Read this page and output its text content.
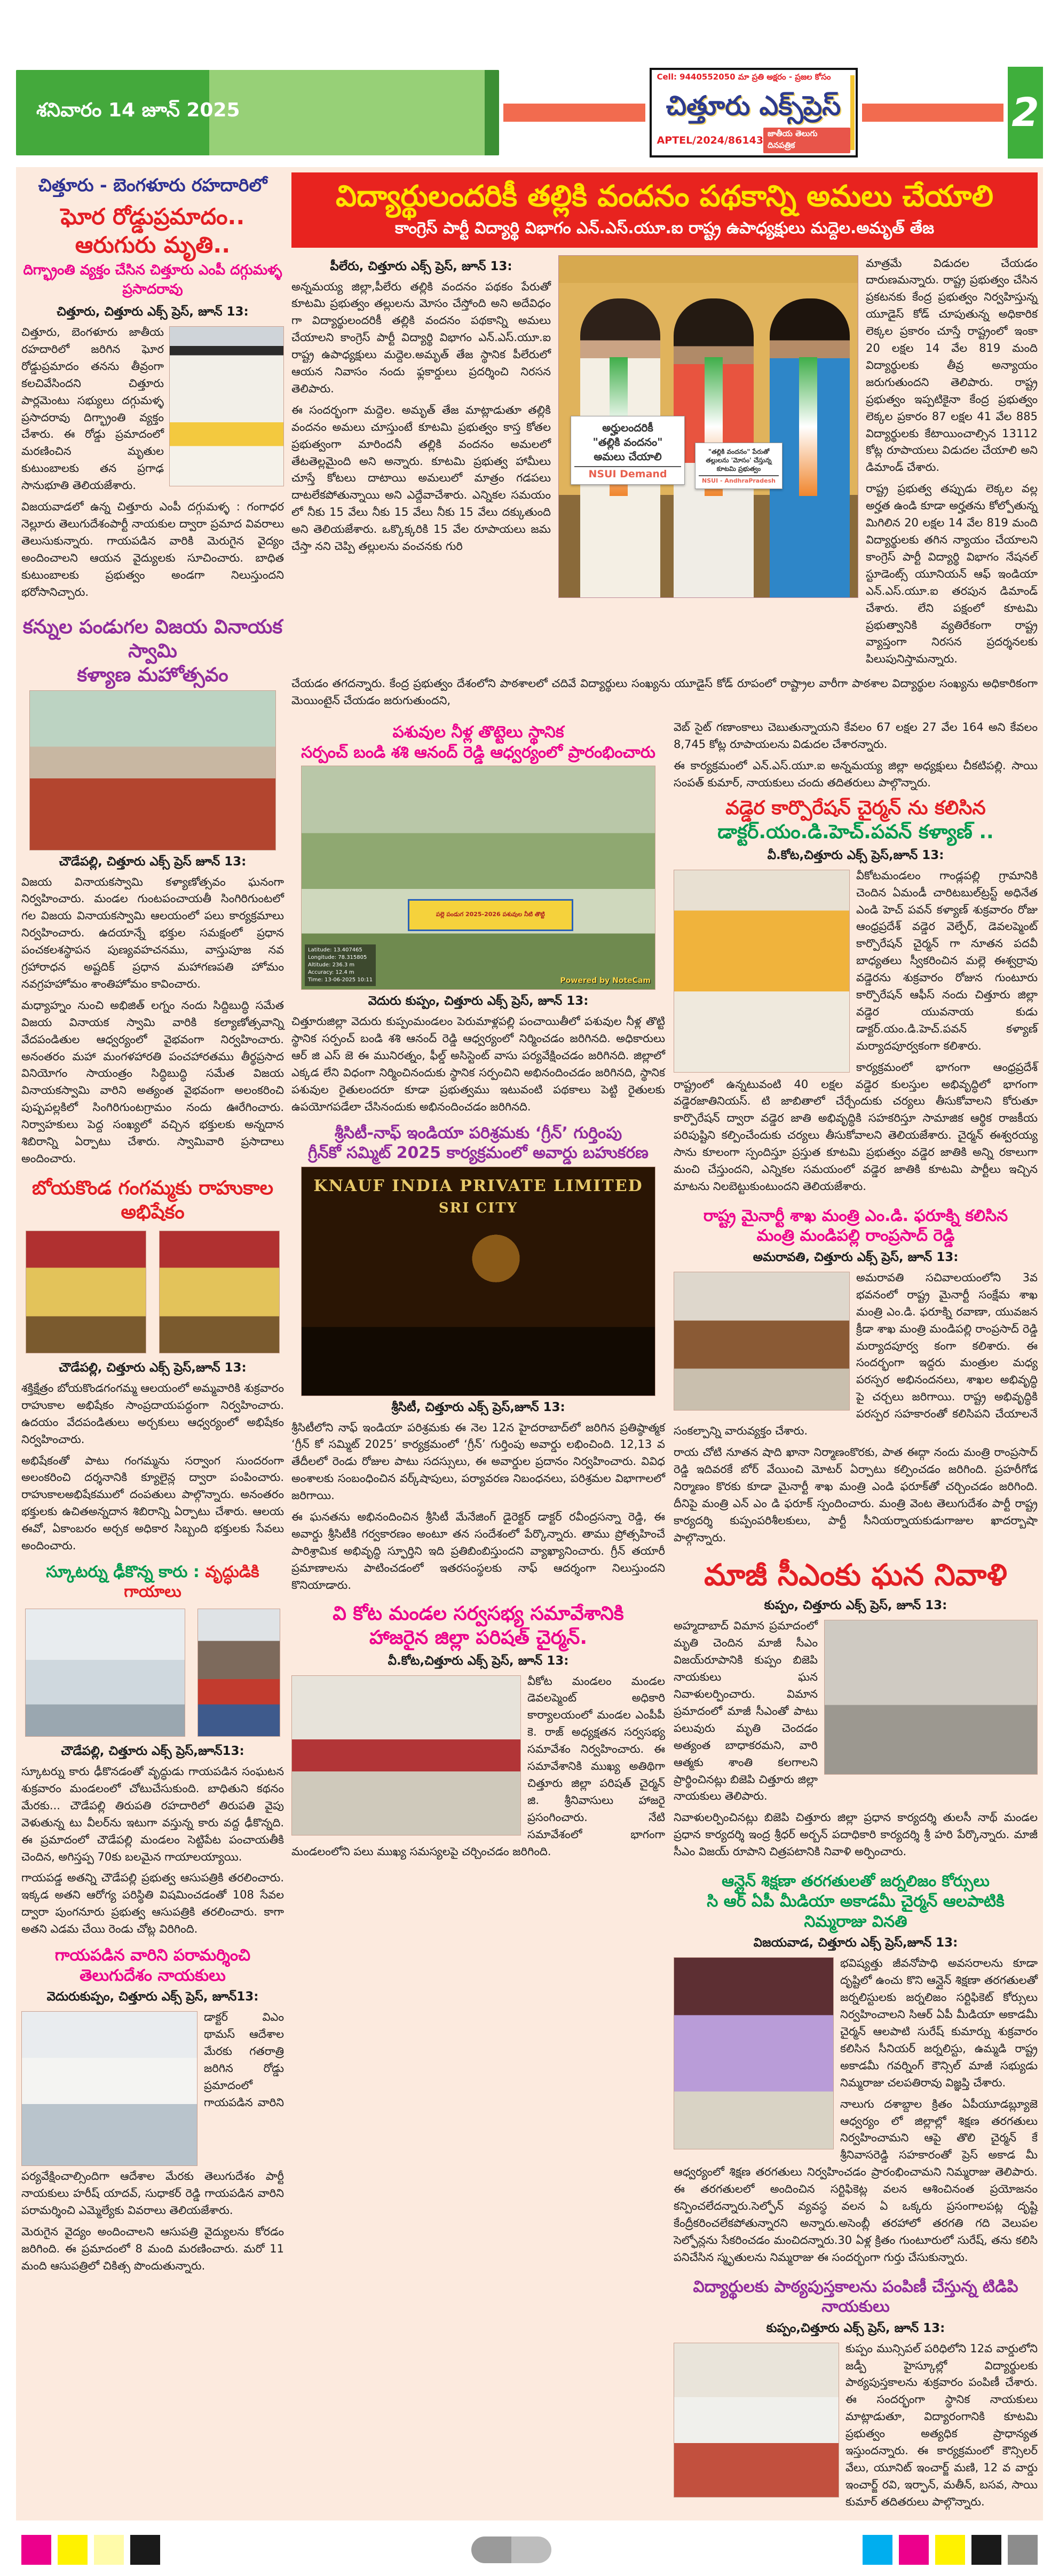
శనివారం 14 జూన్ 2025
Cell: 9440552050 మా ప్రతి అక్షరం - ప్రజల కోసం
చిత్తూరు ఎక్స్‌ప్రెస్
APTEL/2024/86143
జాతీయ తెలుగు దినపత్రిక
2
చిత్తూరు - బెంగళూరు రహదారిలో
ఘోర రోడ్డుప్రమాదం.. ఆరుగురు మృతి..
దిగ్భ్రాంతి వ్యక్తం చేసిన చిత్తూరు ఎంపీ దగ్గుమళ్ళ ప్రసాదరావు
చిత్తూరు, చిత్తూరు ఎక్స్ ప్రెస్, జూన్ 13:

చిత్తూరు, బెంగళూరు జాతీయ రహదారిలో జరిగిన ఘోర రోడ్డుప్రమాదం తనను తీవ్రంగా కలచివేసిందని చిత్తూరు పార్లమెంటు సభ్యులు దగ్గుమళ్ళ ప్రసాదరావు దిగ్భ్రాంతి వ్యక్తం చేశారు. ఈ రోడ్డు ప్రమాదంలో మరణించిన మృతుల కుటుంబాలకు తన ప్రగాఢ సానుభూతి తెలియజేశారు.

విజయవాడలో ఉన్న చిత్తూరు ఎంపీ దగ్గుమళ్ళ : గంగాధర నెల్లూరు తెలుగుదేశంపార్టీ నాయకుల ద్వారా ప్రమాద వివరాలు తెలుసుకున్నారు. గాయపడిన వారికి మెరుగైన వైద్యం అందించాలని ఆయన వైద్యులకు సూచించారు. బాధిత కుటుంబాలకు ప్రభుత్వం అండగా నిలుస్తుందని భరోసానిచ్చారు.

కన్నుల పండుగల విజయ వినాయక స్వామి
కళ్యాణ మహోత్సవం
చౌడేపల్లి, చిత్తూరు ఎక్స్ ప్రెస్ జూన్ 13:

విజయ వినాయకస్వామి కళ్యాణోత్సవం ఘనంగా నిర్వహించారు. మండల గుంటపంచాయతీ సింగిరిగుంటలో గల విజయ వినాయకస్వామి ఆలయంలో పలు కార్యక్రమాలు నిర్వహించారు. ఉదయాన్నే భక్తుల సమక్షంలో ప్రధాన పంచకలశస్థాపన పుణ్యవహచనము, వాస్తుపూజ నవ గ్రహారాధన అష్టదిక్ ప్రధాన మహాగణపతి హోమం నవగ్రహహోమం శాంతిహోమం కావించారు.

మధ్యాహ్నం నుంచి అభిజిత్ లగ్నం నందు సిద్దిబుద్ధి సమేత విజయ వినాయక స్వామి వారికి కల్యాణోత్సవాన్ని వేదపండితుల ఆధ్వర్యంలో వైభవంగా నిర్వహించారు. అనంతరం మహా మంగళహారతి పంచహారతము తీర్థప్రసాద వినియోగం సాయంత్రం సిద్ధిబుద్ధి సమేత విజయ వినాయకస్వామి వారిని అత్యంత వైభవంగా అలంకరించి పుష్పపల్లకిలో సింగిరిగుంటగ్రామం నందు ఊరేగించారు. నిర్వాహకులు పెద్ద సంఖ్యలో వచ్చిన భక్తులకు అన్నదాన శిబిరాన్ని ఏర్పాటు చేశారు. స్వామివారి ప్రసాదాలు అందించారు.

బోయకొండ గంగమ్మకు రాహుకాల అభిషేకం
చౌడేపల్లి, చిత్తూరు ఎక్స్ ప్రెస్,జూన్ 13:

శక్తిక్షేత్రం బోయకొండగంగమ్మ ఆలయంలో అమ్మవారికి శుక్రవారం రాహుకాల అభిషేకం సాంప్రదాయపద్ధంగా నిర్వహించారు. ఉదయం వేదపండితులు అర్చకులు ఆధ్వర్యంలో అభిషేకం నిర్వహించారు.

అభిషేకంతో పాటు గంగమ్మను సర్వాంగ సుందరంగా అలంకరించి దర్శనానికి క్యూలైన్ల ద్వారా పంపించారు. రాహుకాలఅభిషేకములో దంపతులు పాల్గొన్నారు. అనంతరం భక్తులకు ఉచితఅన్నదాన శిబిరాన్ని ఏర్పాటు చేశారు. ఆలయ ఈవో, ఏకాంబరం అర్చక అధికార సిబ్బంది భక్తులకు సేవలు అందించారు.

స్కూటర్ను ఢీకొన్న కారు : వృద్ధుడికి గాయాలు
చౌడేపల్లి, చిత్తూరు ఎక్స్ ప్రెస్,జూన్13:

స్కూటర్ను కారు ఢీకొనడంతో వృద్ధుడు గాయపడిన సంఘటన శుక్రవారం మండలంలో చోటుచేసుకుంది. బాధితుని కథనం మేరకు... చౌడేపల్లి తిరుపతి రహదారిలో తిరుపతి వైపు వెళుతున్న టు వీలర్‌ను ఇటుగా వస్తున్న కారు వద్ద ఢీకొన్నది. ఈ ప్రమాదంలో చౌడేపల్లి మండలం సెట్టిపేట పంచాయతీకి చెందిన, అగిస్తప్ప 70కు బలమైన గాయాలయ్యాయి.

గాయపడ్డ అతన్ని చౌడేపల్లి ప్రభుత్వ ఆసుపత్రికి తరలించారు. ఇక్కడ అతని ఆరోగ్య పరిస్థితి విషమించడంతో 108 సేవల ద్వారా పుంగనూరు ప్రభుత్వ ఆసుపత్రికి తరలించారు. కాగా అతని ఎడమ చేయి రెండు చోట్ల విరిగింది.

గాయపడిన వారిని పరామర్శించి తెలుగుదేశం నాయకులు
వెదురుకుప్పం, చిత్తూరు ఎక్స్ ప్రెస్, జూన్13:

డాక్టర్ విఎం థామస్ ఆదేశాల మేరకు గతరాత్రి జరిగిన రోడ్డు ప్రమాదంలో గాయపడిన వారిని పర్యవేక్షించాల్సిందిగా ఆదేశాల మేరకు తెలుగుదేశం పార్టీ నాయకులు హరీష్ యాదవ్, సుధాకర్ రెడ్డి గాయపడిన వారిని పరామర్శించి ఎమ్మెల్యేకు వివరాలు తెలియజేశారు.

మెరుగైన వైద్యం అందించాలని ఆసుపత్రి వైద్యులను కోరడం జరిగింది. ఈ ప్రమాదంలో 8 మంది మరణించారు. మరో 11 మంది ఆసుపత్రిలో చికిత్స పొందుతున్నారు.

విద్యార్థులందరికీ తల్లికి వందనం పథకాన్ని అమలు చేయాలి
కాంగ్రెస్ పార్టీ విద్యార్థి విభాగం ఎన్.ఎస్.యూ.ఐ రాష్ట్ర ఉపాధ్యక్షులు మద్దెల.అమృత్ తేజ
పీలేరు, చిత్తూరు ఎక్స్ ప్రెస్, జూన్ 13:

అన్నమయ్య జిల్లా,పీలేరు తల్లికి వందనం పథకం పేరుతో కూటమి ప్రభుత్వం తల్లులను మోసం చేస్తోంది అని అదేవిధం గా విద్యార్థులందరికీ తల్లికి వందనం పథకాన్ని అమలు చేయాలని కాంగ్రెస్ పార్టీ విద్యార్థి విభాగం ఎన్.ఎస్.యూ.ఐ రాష్ట్ర ఉపాధ్యక్షులు మద్దెల.అమృత్ తేజ స్థానిక పీలేరులో ఆయన నివాసం నందు ఫ్లకార్డులు ప్రదర్శించి నిరసన తెలిపారు.

ఈ సందర్భంగా మద్దెల. అమృత్ తేజ మాట్లాడుతూ తల్లికి వందనం అమలు చూస్తుంటే కూటమి ప్రభుత్వం కాస్త కోతల ప్రభుత్వంగా మారిందనీ తల్లికి వందనం అమలలో తేటతెల్లమైంది అని అన్నారు. కూటమి ప్రభుత్వ హామీలు చూస్తే కోటలు దాటాయి అమలులో మాత్రం గడపలు దాటలేకపోతున్నాయి అని ఎద్దేవాచేశారు. ఎన్నికల సమయం లో నీకు 15 వేలు నీకు 15 వేలు నీకు 15 వేలు దక్కుతుంది అని తెలియజేశారు. ఒక్కొక్కరికి 15 వేల రూపాయలు జమ చేస్తా నని చెప్పి తల్లులను వంచనకు గురి

అర్హులందరికీ
"తల్లికి వందనం"
అమలు చేయాలి
NSUI Demand
"తల్లికి వందనం" పేరుతో
తల్లులను 'మోసం' చేస్తున్న
కూటమి ప్రభుత్వం
NSUI - AndhraPradesh

మాత్రమే విడుదల చేయడం దారుణమన్నారు. రాష్ట్ర ప్రభుత్వం చేసిన ప్రకటనకు కేంద్ర ప్రభుత్వం నిర్వహిస్తున్న యూడైస్ కోడ్ చూపుతున్న అధికారిక లెక్కల ప్రకారం చూస్తే రాష్ట్రంలో ఇంకా 20 లక్షల 14 వేల 819 మంది విద్యార్థులకు తీవ్ర అన్యాయం జరుగుతుందని తెలిపారు. రాష్ట్ర ప్రభుత్వం ఇప్పటికైనా కేంద్ర ప్రభుత్వం లెక్కల ప్రకారం 87 లక్షల 41 వేల 885 విద్యార్థులకు కేటాయించాల్సిన 13112 కోట్ల రూపాయలు విడుదల చేయాలి అని డిమాండ్ చేశారు.

రాష్ట్ర ప్రభుత్వ తప్పుడు లెక్కల వల్ల అర్హత ఉండి కూడా అర్హతను కోల్పోతున్న మిగిలిన 20 లక్షల 14 వేల 819 మంది విద్యార్థులకు తగిన న్యాయం చేయాలని కాంగ్రెస్ పార్టీ విద్యార్థి విభాగం నేషనల్ స్టూడెంట్స్ యూనియన్ ఆఫ్ ఇండియా ఎన్.ఎస్.యూ.ఐ తరపున డిమాండ్ చేశారు. లేని పక్షంలో కూటమి ప్రభుత్వానికి వ్యతిరేకంగా రాష్ట్ర వ్యాప్తంగా నిరసన ప్రదర్శనలకు పిలుపునిస్తామన్నారు.

చేయడం తగదన్నారు. కేంద్ర ప్రభుత్వం దేశంలోని పాఠశాలలో చదివే విద్యార్థులు సంఖ్యను యూడైస్ కోడ్ రూపంలో రాష్ట్రాల వారీగా పాఠశాల విద్యార్థుల సంఖ్యను అధికారికంగా మెయింటైన్ చేయడం జరుగుతుందని,

పశువుల నీళ్ల తొట్టెలు స్థానిక
సర్పంచ్ బండి శశి ఆనంద్ రెడ్డి ఆధ్వర్యంలో ప్రారంభించారు
పల్లె పండుగ 2025-2026 పశువుల నీటి తొట్టి
Latitude: 13.407465
Longitude: 78.315805
Altitude: 236.3 m
Accuracy: 12.4 m
Time: 13-06-2025 10:11	Powered by NoteCam
వెదురు కుప్పం, చిత్తూరు ఎక్స్ ప్రెస్, జూన్ 13:

చిత్తూరుజిల్లా వెదురు కుప్పంమండలం పెరుమాళ్లపల్లి పంచాయితీలో పశువుల నీళ్ల తొట్టి స్థానిక సర్పంచ్ బండి శశి ఆనంద్ రెడ్డి ఆధ్వర్యంలో నిర్మించడం జరిగినది. అధికారులు ఆర్ జి ఎస్ జె ఈ మునిరత్నం, ఫీల్డ్ అసిస్టెంట్ వాసు పర్యవేక్షించడం జరిగినది. జిల్లాలో ఎక్కడ లేని విధంగా నిర్మించినందుకు స్థానిక సర్పంచిని అభినందించడం జరిగినది, స్థానిక పశువుల రైతులందరూ కూడా ప్రభుత్వము ఇటువంటి పథకాలు పెట్టి రైతులకు ఉపయోగపడేలా చేసినందుకు అభినందించడం జరిగినది.

శ్రీసిటీ-నాఫ్ ఇండియా పరిశ్రమకు ‘గ్రీన్’ గుర్తింపు
గ్రీన్‌కో సమ్మిట్ 2025 కార్యక్రమంలో అవార్డు బహుకరణ
KNAUF INDIA PRIVATE LIMITED
SRI CITY
శ్రీసిటీ, చిత్తూరు ఎక్స్ ప్రెస్,జూన్ 13:

శ్రీసిటీలోని నాఫ్ ఇండియా పరిశ్రమకు ఈ నెల 12న హైదరాబాద్‌లో జరిగిన ప్రతిష్ఠాత్మక ‘గ్రీన్ కో సమ్మిట్ 2025’ కార్యక్రమంలో ‘గ్రీన్’ గుర్తింపు అవార్డు లభించింది. 12,13 వ తేదీలలో రెండు రోజుల పాటు సదస్సులు, ఈ అవార్డుల ప్రదానం నిర్వహించారు. వివిధ అంశాలకు సంబంధించిన వర్క్‌షాపులు, పర్యావరణ నిబంధనలు, పరిశ్రమల విభాగాలలో జరిగాయి.

ఈ ఘనతను అభినందించిన శ్రీసిటీ మేనేజింగ్ డైరెక్టర్ డాక్టర్ రవీంద్రసన్నా రెడ్డి, ఈ అవార్డు శ్రీసిటీకి గర్వకారణం అంటూ తన సందేశంలో పేర్కొన్నారు. తాము ప్రోత్సహించే పారిశ్రామిక అభివృద్ధి స్ఫూర్తిని ఇది ప్రతిబింబిస్తుందని వ్యాఖ్యానించారు. గ్రీన్ తయారీ ప్రమాణాలను పాటించడంలో ఇతరసంస్థలకు నాఫ్ ఆదర్శంగా నిలుస్తుందని కొనియాడారు.

వి కోట మండల సర్వసభ్య సమావేశానికి
హాజరైన జిల్లా పరిషత్ చైర్మన్.
వీ.కోట,చిత్తూరు ఎక్స్ ప్రెస్, జూన్ 13:

వీకోట మండలం మండల డెవలప్మెంట్ అధికారి కార్యాలయంలో మండల ఎంపీపీ కె. రాజ్ అధ్యక్షతన సర్వసభ్య సమావేశం నిర్వహించారు. ఈ సమావేశానికి ముఖ్య అతిథిగా చిత్తూరు జిల్లా పరిషత్ చైర్మన్ జి. శ్రీనివాసులు హాజరై ప్రసంగించారు. నేటి సమావేశంలో భాగంగా మండలంలోని పలు ముఖ్య సమస్యలపై చర్చించడం జరిగింది.

వెబ్ సైట్ గణాంకాలు చెబుతున్నాయని కేవలం 67 లక్షల 27 వేల 164 అని కేవలం 8,745 కోట్ల రూపాయలను విడుదల చేశారన్నారు.

ఈ కార్యక్రమంలో ఎన్.ఎస్.యూ.ఐ అన్నమయ్య జిల్లా అధ్యక్షులు చీకటిపల్లి. సాయి సంపత్ కుమార్, నాయకులు చందు తదితరులు పాల్గొన్నారు.

వడ్డెర కార్పొరేషన్ చైర్మన్ ను కలిసిన
డాక్టర్.యం.డి.హెచ్.పవన్ కళ్యాణ్ ..
వీ.కోట,చిత్తూరు ఎక్స్ ప్రెస్,జూన్ 13:

వీకోటమండలం గాండ్లపల్లి గ్రామానికి చెందిన ఏమండీ చారిటబుల్‌ట్రస్ట్ అధినేత ఎండి హెచ్ పవన్ కళ్యాణ్ శుక్రవారం రోజు ఆంధ్రప్రదేశ్ వడ్డెర వెల్ఫేర్, డెవలప్మెంట్ కార్పొరేషన్ చైర్మన్ గా నూతన పదవీ బాధ్యతలు స్వీకరించిన మల్లె ఈశ్వర్రావు వడ్డెరను శుక్రవారం రోజున గుంటూరు కార్పొరేషన్ ఆఫీస్ నందు చిత్తూరు జిల్లా వడ్డెర యువనాయ కుడు డాక్టర్.యం.డి.హెచ్.పవన్ కళ్యాణ్ మర్యాదపూర్వకంగా కలిశారు.

కార్యక్రమంలో భాగంగా ఆంధ్రప్రదేశ్ రాష్ట్రంలో ఉన్నటువంటి 40 లక్షల వడ్డెర కులస్తుల అభివృద్ధిలో భాగంగా వడ్డెరజాతినియస్. టి జాబితాలో చేర్చేందుకు చర్యలు తీసుకోవాలని కోరుతూ కార్పొరేషన్ ద్వారా వడ్డెర జాతి అభివృద్ధికి సహకరిస్తూ సామాజిక ఆర్థిక రాజకీయ పరిపుష్టిని కల్పించేందుకు చర్యలు తీసుకోవాలని తెలియజేశారు. చైర్మన్ ఈశ్వరయ్య సాను కూలంగా స్పందిస్తూ ప్రస్తుత కూటమి ప్రభుత్వం వడ్డెర జాతికి అన్ని రకాలుగా మంచి చేస్తుందని, ఎన్నికల సమయంలో వడ్డెర జాతికి కూటమి పార్టీలు ఇచ్చిన మాటను నిలబెట్టుకుంటుందని తెలియజేశారు.

రాష్ట్ర మైనార్టీ శాఖ మంత్రి ఎం.డి. ఫరూక్ని కలిసిన
మంత్రి మండిపల్లి రాంప్రసాద్ రెడ్డి
అమరావతి, చిత్తూరు ఎక్స్ ప్రెస్, జూన్ 13:

అమరావతి సచివాలయంలోని 3వ భవనంలో రాష్ట్ర మైనార్టీ సంక్షేమ శాఖ మంత్రి ఎం.డి. ఫరూక్ని రవాణా, యువజన క్రీడా శాఖ మంత్రి మండిపల్లి రాంప్రసాద్ రెడ్డి మర్యాదపూర్వ కంగా కలిశారు. ఈ సందర్భంగా ఇద్దరు మంత్రుల మధ్య పరస్పర అభినందనలు, శాఖల అభివృద్ధి పై చర్చలు జరిగాయి. రాష్ట్ర అభివృద్ధికి పరస్పర సహకారంతో కలిసిపని చేయాలనే సంకల్పాన్ని వారువ్యక్తం చేశారు.

రాయ చోటి నూతన షాది ఖానా నిర్మాణంకొరకు, పాత ఈద్గా నందు మంత్రి రాంప్రసాద్ రెడ్డి ఇదివరకే బోర్ వేయించి మోటర్ ఏర్పాటు కల్పించడం జరిగింది. ప్రహరీగోడ నిర్మాణం కొరకు కూడా మైనార్టీ శాఖ మంత్రి ఎండి ఫరూక్‌తో చర్చించడం జరిగింది. దీనిపై మంత్రి ఎన్ ఎం డి ఫరూక్ స్పందించారు. మంత్రి వెంట తెలుగుదేశం పార్టీ రాష్ట్ర కార్యదర్శి కుప్పంపరిశీలకులు, పార్టీ సీనియర్నాయకుడుగాజుల ఖాదర్బాషా పాల్గొన్నారు.

మాజీ సీఎంకు ఘన నివాళి
కుప్పం, చిత్తూరు ఎక్స్ ప్రెస్, జూన్ 13:

అహ్మదాబాద్ విమాన ప్రమాదంలో మృతి చెందిన మాజీ సీఎం విజయ్‌రూపానికి కుప్పం బిజెపి నాయకులు ఘన నివాళులర్పించారు. విమాన ప్రమాదంలో మాజీ సీఎంతో పాటు పలువురు మృతి చెందడం అత్యంత బాధాకరమని, వారి ఆత్మకు శాంతి కలగాలని ప్రార్థించినట్లు బిజెపి చిత్తూరు జిల్లా నాయకులు తెలిపారు.

నివాళులర్పించినట్లు బిజెపి చిత్తూరు జిల్లా ప్రధాన కార్యదర్శి తులసీ నాథ్ మండల ప్రధాన కార్యదర్శి ఇంద్ర శ్రీధర్ అర్బన్ పదాధికారి కార్యదర్శి శ్రీ హరి పేర్కొన్నారు. మాజీ సీఎం విజయ్ రూపాని చిత్రపటానికి నివాళి అర్పించారు.

ఆన్లైన్ శిక్షణా తరగతులతో జర్నలిజం కోర్సులు
సి ఆర్ ఏపీ మీడియా అకాడమీ చైర్మన్ ఆలపాటికి నిమ్మరాజు వినతి
విజయవాడ, చిత్తూరు ఎక్స్ ప్రెస్,జూన్ 13:

భవిష్యత్తు జీవనోపాధి అవసరాలను కూడా దృష్టిలో ఉంచు కొని ఆన్లైన్ శిక్షణా తరగతులతో జర్నలిస్టులకు జర్నలిజం సర్టిఫికెట్ కోర్సులు నిర్వహించాలని సిఆర్ ఏపీ మీడియా అకాడమీ చైర్మన్ ఆలపాటి సురేష్ కుమార్ను శుక్రవారం కలిసిన సీనియర్ జర్నలిస్టు, ఉమ్మడి రాష్ట్ర అకాడమీ గవర్నింగ్ కౌన్సిల్ మాజీ సభ్యుడు నిమ్మరాజు చలపతిరావు విజ్ఞప్తి చేశారు.

నాలుగు దశాబ్దాల క్రితం ఏపీయూడబ్ల్యూజె ఆధ్వర్యం లో జిల్లాల్లో శిక్షణ తరగతులు నిర్వహించామని ఆపై తొలి చైర్మన్ కే శ్రీనివాసరెడ్డి సహకారంతో ప్రెస్ అకాడ మీ ఆధ్వర్యంలో శిక్షణ తరగతులు నిర్వహించడం ప్రారంభించామని నిమ్మరాజు తెలిపారు. ఈ తరగతులలో అందించిన సర్టిఫికెట్ల వలన ఆశించినంత ప్రయోజనం కన్పించలేదన్నారు.సెల్ఫోన్ వ్యవస్థ వలన ఏ ఒక్కరు ప్రసంగాలపట్ల దృష్టి కేంద్రీకరించలేకపోతున్నారని అన్నారు.అసెంబ్లీ తరహాలో తరగతి గది వెలుపల సెల్ఫోన్లను సేకరించడం మంచిదన్నారు.30 ఏళ్ల క్రితం గుంటూరులో సురేష్, తను కలిసి పనిచేసిన స్మృతులను నిమ్మరాజు ఈ సందర్భంగా గుర్తు చేసుకున్నారు.

విద్యార్థులకు పాఠ్యపుస్తకాలను పంపిణీ చేస్తున్న టిడిపి నాయకులు
కుప్పం,చిత్తూరు ఎక్స్ ప్రెస్, జూన్ 13:

కుప్పం మున్సిపల్ పరిధిలోని 12వ వార్డులోని జడ్పీ హైస్కూల్లో విద్యార్థులకు పాఠ్యపుస్తకాలను శుక్రవారం పంపిణీ చేశారు. ఈ సందర్భంగా స్థానిక నాయకులు మాట్లాడుతూ, విద్యారంగానికి కూటమి ప్రభుత్వం అత్యధిక ప్రాధాన్యత ఇస్తుందన్నారు. ఈ కార్యక్రమంలో కౌన్సిలర్ వేలు, యూనిట్ ఇంచార్జ్ మణి, 12 వ వార్డు ఇంచార్జ్ రవి, ఇర్ఫాన్, మతీన్, బసవ, సాయి కుమార్ తదితరులు పాల్గొన్నారు.
